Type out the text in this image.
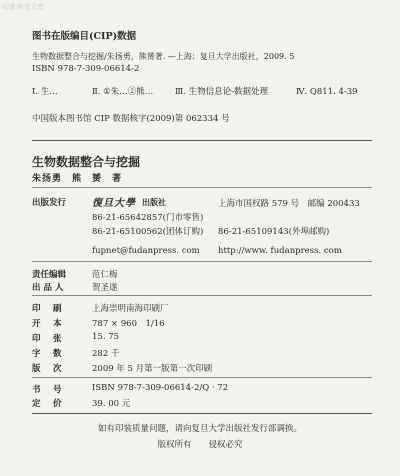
印象读书文库
图书在版编目(CIP)数据
生物数据整合与挖掘/朱扬勇，熊赟著. —上海：复旦大学出版社，2009. 5
ISBN 978-7-309-06614-2
Ⅰ. 生…	Ⅱ. ①朱…②熊…	Ⅲ. 生物信息论-数据处理	Ⅳ. Q811. 4-39
中国版本图书馆 CIP 数据核字(2009)第 062334 号
生物数据整合与挖掘
朱扬勇　熊　赟　著
出版发行	復旦大學 出版社	上海市国权路 579 号　邮编 200433
86-21-65642857(门市零售)
86-21-65100562(团体订购) 86-21-65109143(外埠邮购)
fupnet@fudanpress. com http://www. fudanpress. com
责任编辑	范仁梅
出 品 人	贺圣遂
印　刷	上海崇明南海印刷厂
开　本	787 × 960　1/16
印　张	15. 75
字　数	282 千
版　次	2009 年 5 月第一版第一次印刷
书　号	ISBN 978-7-309-06614-2/Q · 72
定　价	39. 00 元
如有印装质量问题，请向复旦大学出版社发行部调换。
版权所有　　侵权必究
